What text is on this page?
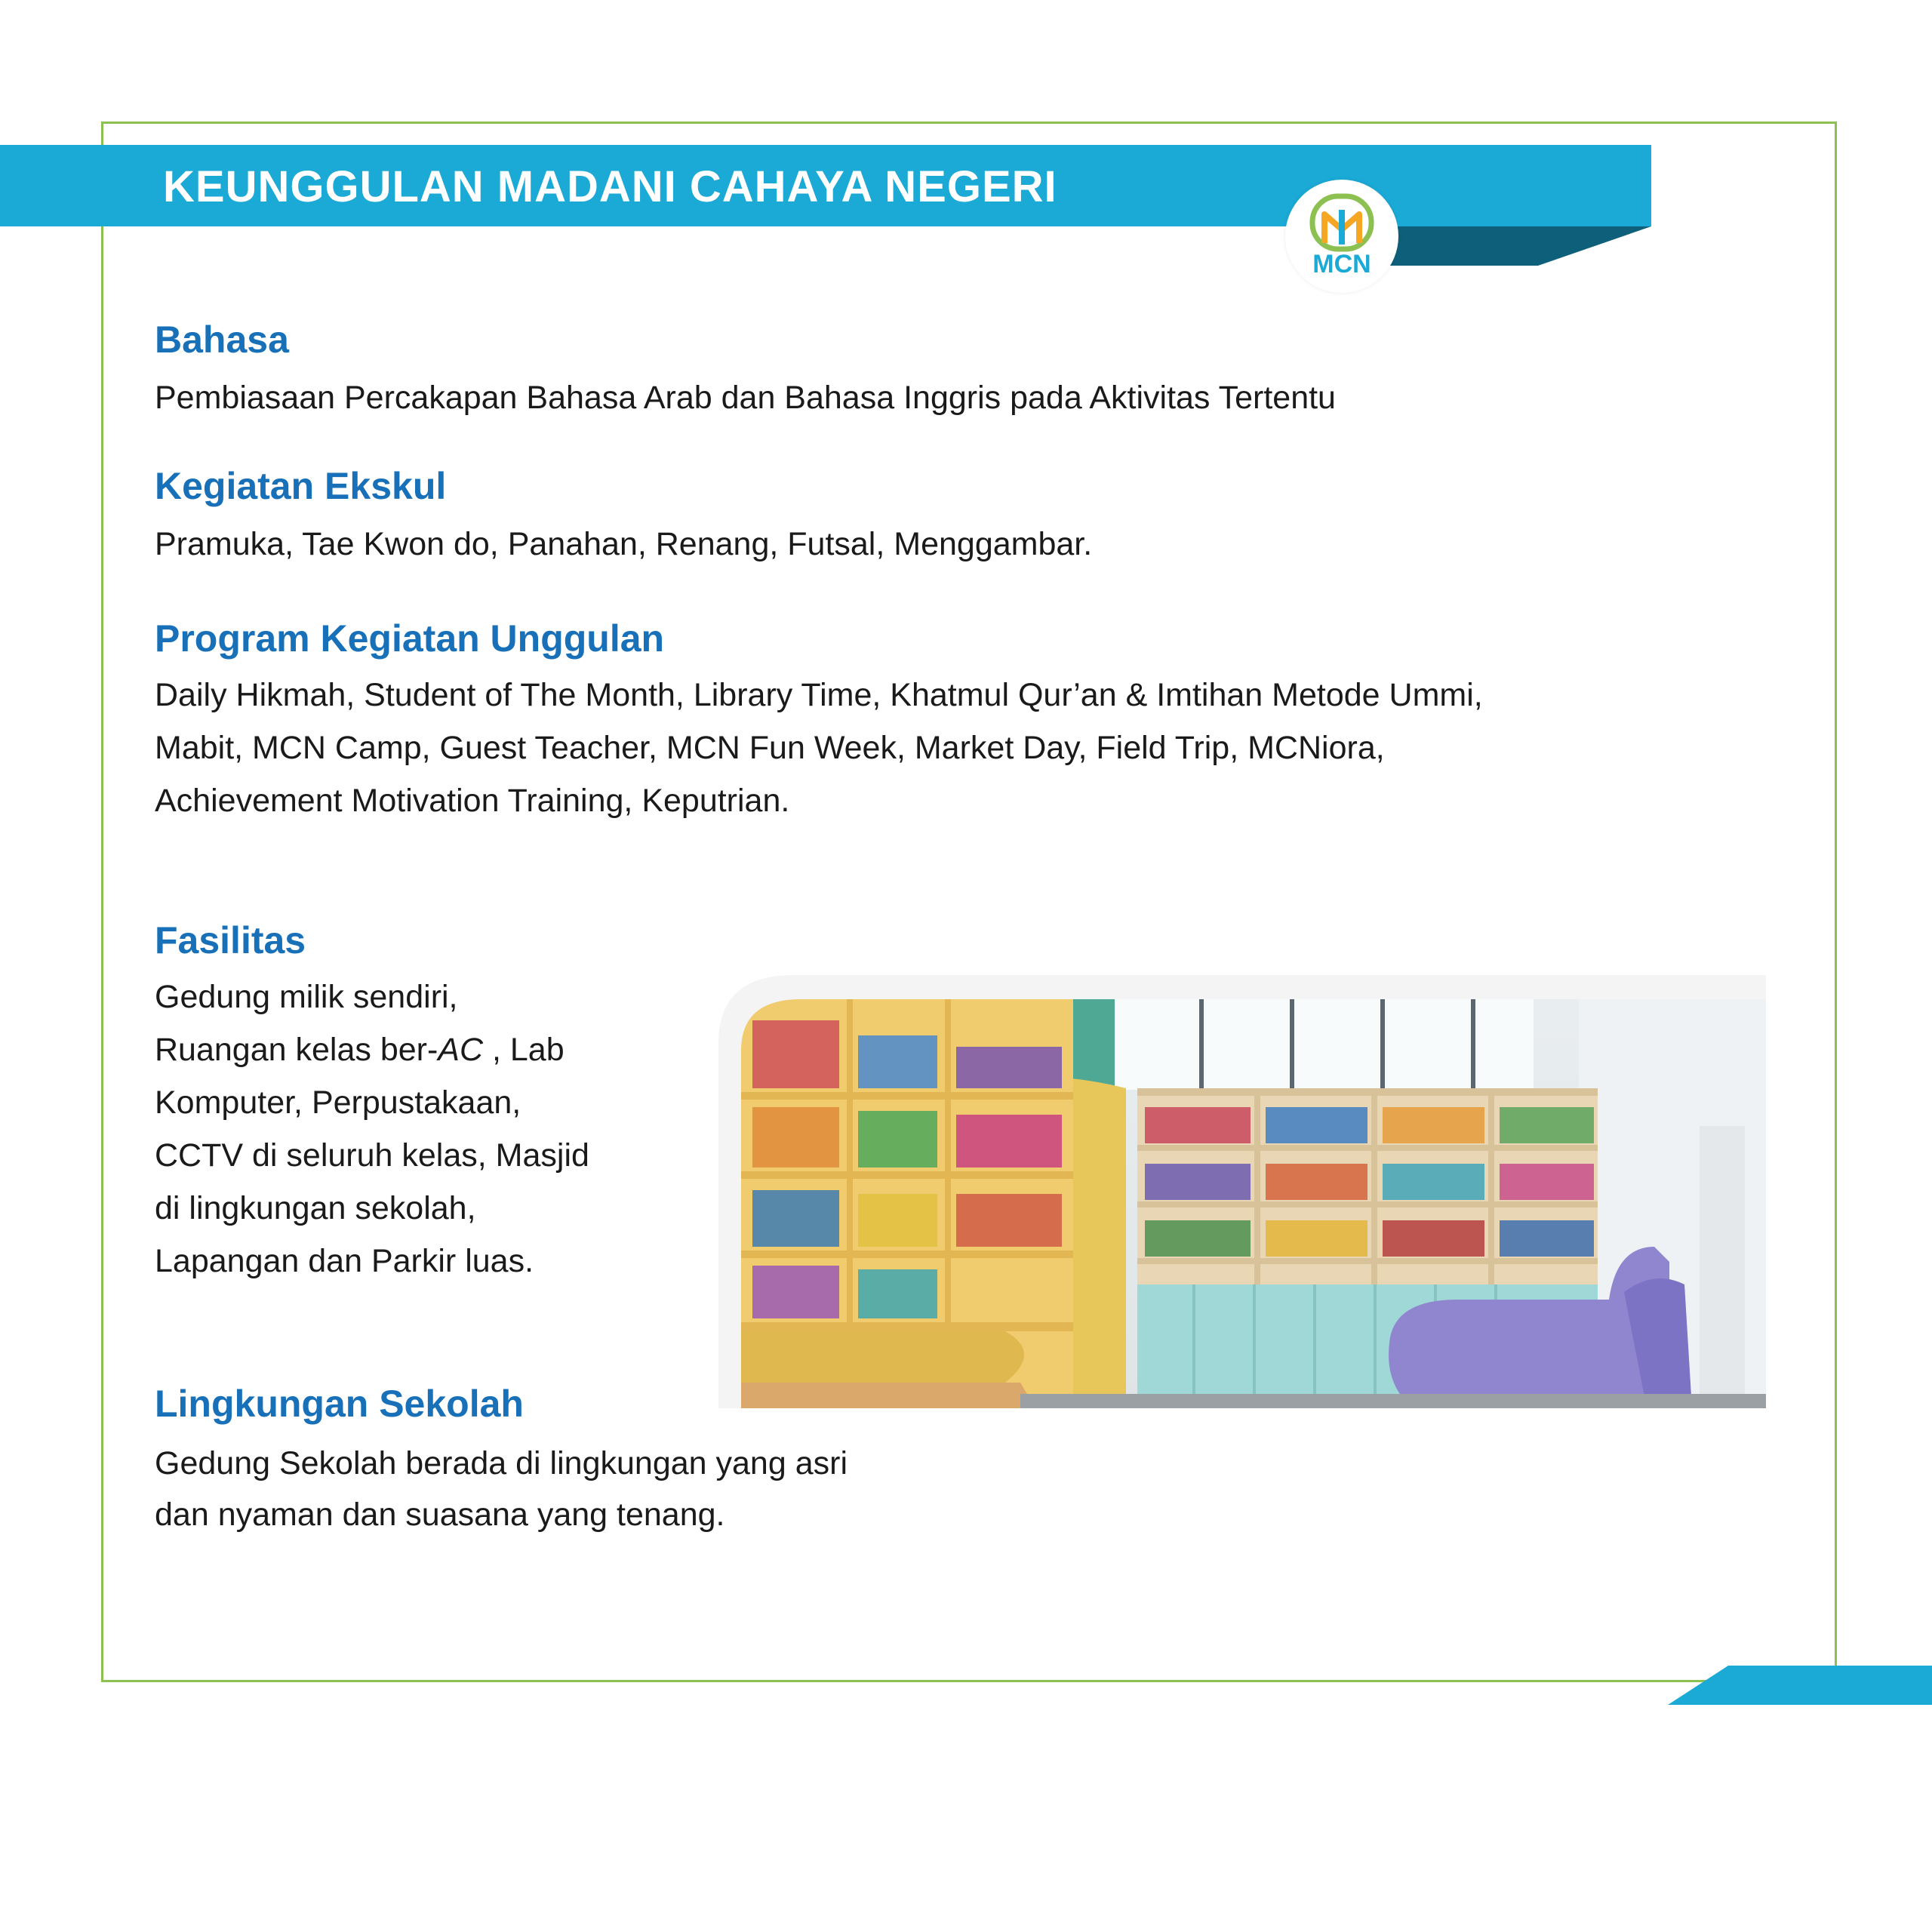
KEUNGGULAN MADANI CAHAYA NEGERI
MCN
Bahasa
Pembiasaan Percakapan Bahasa Arab dan Bahasa Inggris pada Aktivitas Tertentu
Kegiatan Ekskul
Pramuka, Tae Kwon do, Panahan, Renang, Futsal, Menggambar.
Program Kegiatan Unggulan
Daily Hikmah, Student of The Month, Library Time, Khatmul Qur’an & Imtihan Metode Ummi,
Mabit, MCN Camp, Guest Teacher, MCN Fun Week, Market Day, Field Trip, MCNiora,
Achievement Motivation Training, Keputrian.
Fasilitas
Gedung milik sendiri,
Ruangan kelas ber-AC , Lab
Komputer, Perpustakaan,
CCTV di seluruh kelas, Masjid
di lingkungan sekolah,
Lapangan dan Parkir luas.
Lingkungan Sekolah
Gedung Sekolah berada di lingkungan yang asri
dan nyaman dan suasana yang tenang.
